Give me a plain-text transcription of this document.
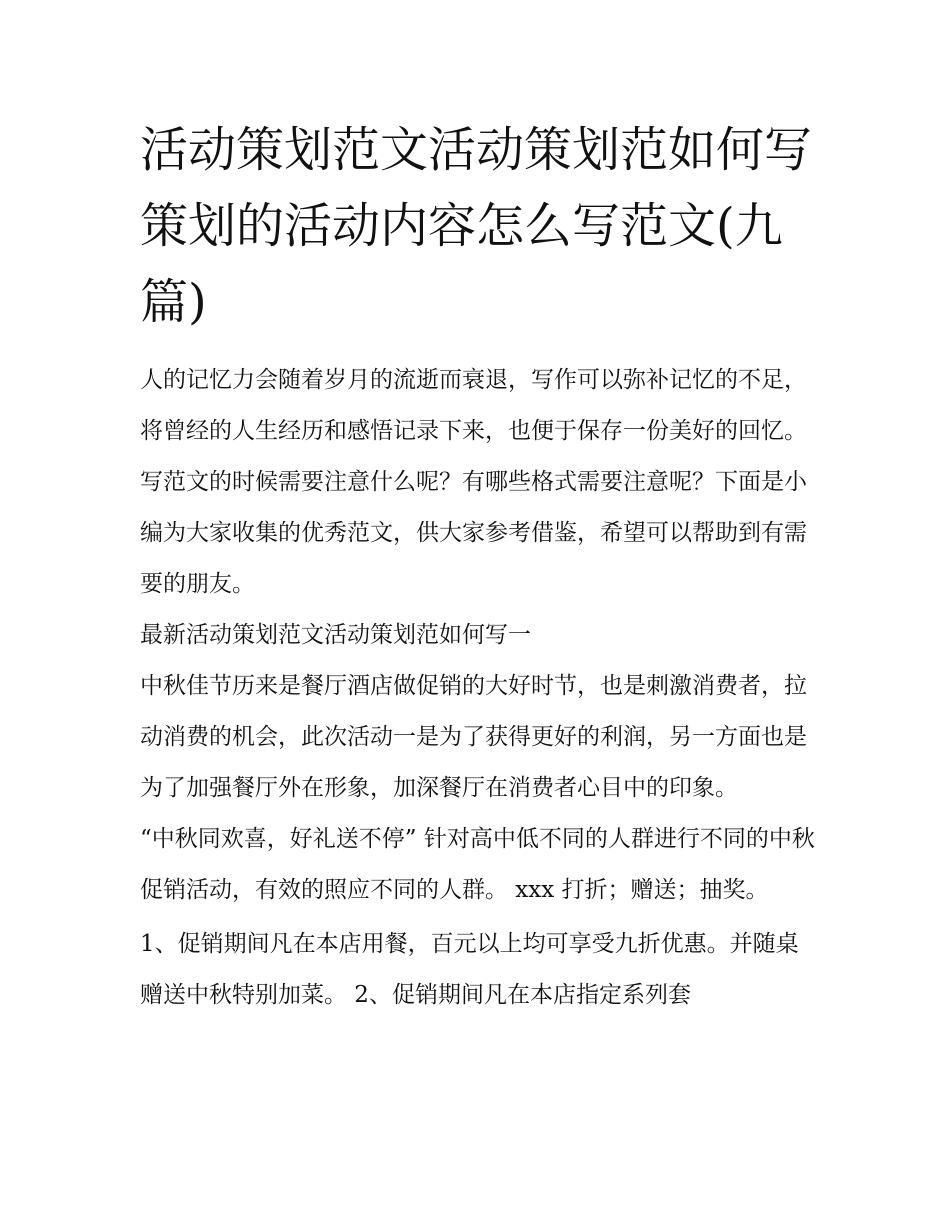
活动策划范文活动策划范如何写 策划的活动内容怎么写范文(九篇)

人的记忆力会随着岁月的流逝而衰退，写作可以弥补记忆的不足，将曾经的人生经历和感悟记录下来，也便于保存一份美好的回忆。写范文的时候需要注意什么呢？有哪些格式需要注意呢？下面是小编为大家收集的优秀范文，供大家参考借鉴，希望可以帮助到有需要的朋友。

最新活动策划范文活动策划范如何写一

中秋佳节历来是餐厅酒店做促销的大好时节，也是刺激消费者，拉动消费的机会，此次活动一是为了获得更好的利润，另一方面也是为了加强餐厅外在形象，加深餐厅在消费者心目中的印象。

“中秋同欢喜，好礼送不停” 针对高中低不同的人群进行不同的中秋促销活动，有效的照应不同的人群。 xxx 打折；赠送；抽奖。

1、促销期间凡在本店用餐，百元以上均可享受九折优惠。并随桌赠送中秋特别加菜。 2、促销期间凡在本店指定系列套
